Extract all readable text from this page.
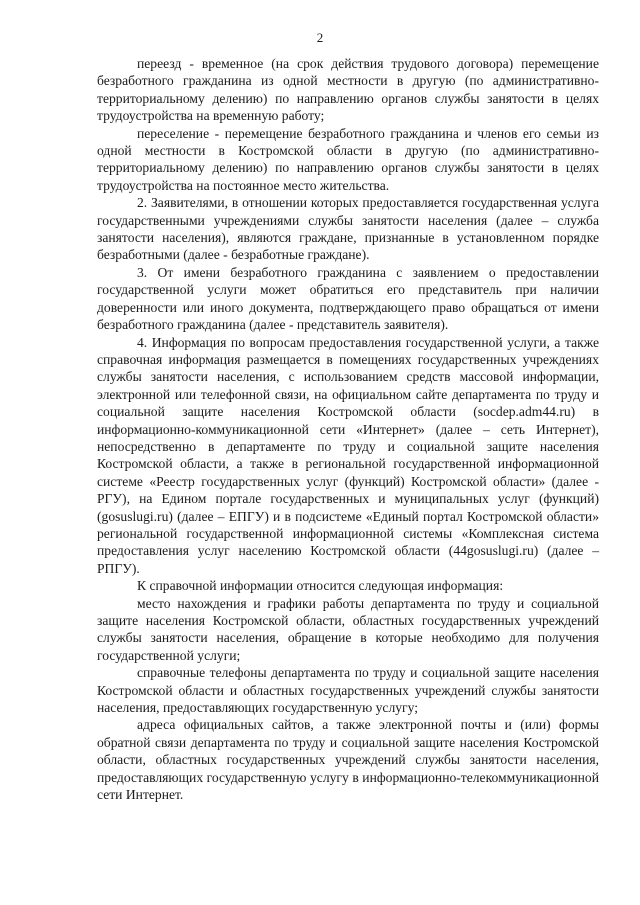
2

переезд - временное (на срок действия трудового договора) перемещение безработного гражданина из одной местности в другую (по административно-территориальному делению) по направлению органов службы занятости в целях трудоустройства на временную работу;

переселение - перемещение безработного гражданина и членов его семьи из одной местности в Костромской области в другую (по административно-территориальному делению) по направлению органов службы занятости в целях трудоустройства на постоянное место жительства.

2. Заявителями, в отношении которых предоставляется государственная услуга государственными учреждениями службы занятости населения (далее – служба занятости населения), являются граждане, признанные в установленном порядке безработными (далее - безработные граждане).

3. От имени безработного гражданина с заявлением о предоставлении государственной услуги может обратиться его представитель при наличии доверенности или иного документа, подтверждающего право обращаться от имени безработного гражданина (далее - представитель заявителя).

4. Информация по вопросам предоставления государственной услуги, а также справочная информация размещается в помещениях государственных учреждениях службы занятости населения, с использованием средств массовой информации, электронной или телефонной связи, на официальном сайте департамента по труду и социальной защите населения Костромской области (socdep.adm44.ru) в информационно-коммуникационной сети «Интернет» (далее – сеть Интернет), непосредственно в департаменте по труду и социальной защите населения Костромской области, а также в региональной государственной информационной системе «Реестр государственных услуг (функций) Костромской области» (далее - РГУ), на Едином портале государственных и муниципальных услуг (функций) (gosuslugi.ru) (далее – ЕПГУ) и в подсистеме «Единый портал Костромской области» региональной государственной информационной системы «Комплексная система предоставления услуг населению Костромской области (44gosuslugi.ru) (далее – РПГУ).

К справочной информации относится следующая информация:

место нахождения и графики работы департамента по труду и социальной защите населения Костромской области, областных государственных учреждений службы занятости населения, обращение в которые необходимо для получения государственной услуги;

справочные телефоны департамента по труду и социальной защите населения Костромской области и областных государственных учреждений службы занятости населения, предоставляющих государственную услугу;

адреса официальных сайтов, а также электронной почты и (или) формы обратной связи департамента по труду и социальной защите населения Костромской области, областных государственных учреждений службы занятости населения, предоставляющих государственную услугу в информационно-телекоммуникационной сети Интернет.
